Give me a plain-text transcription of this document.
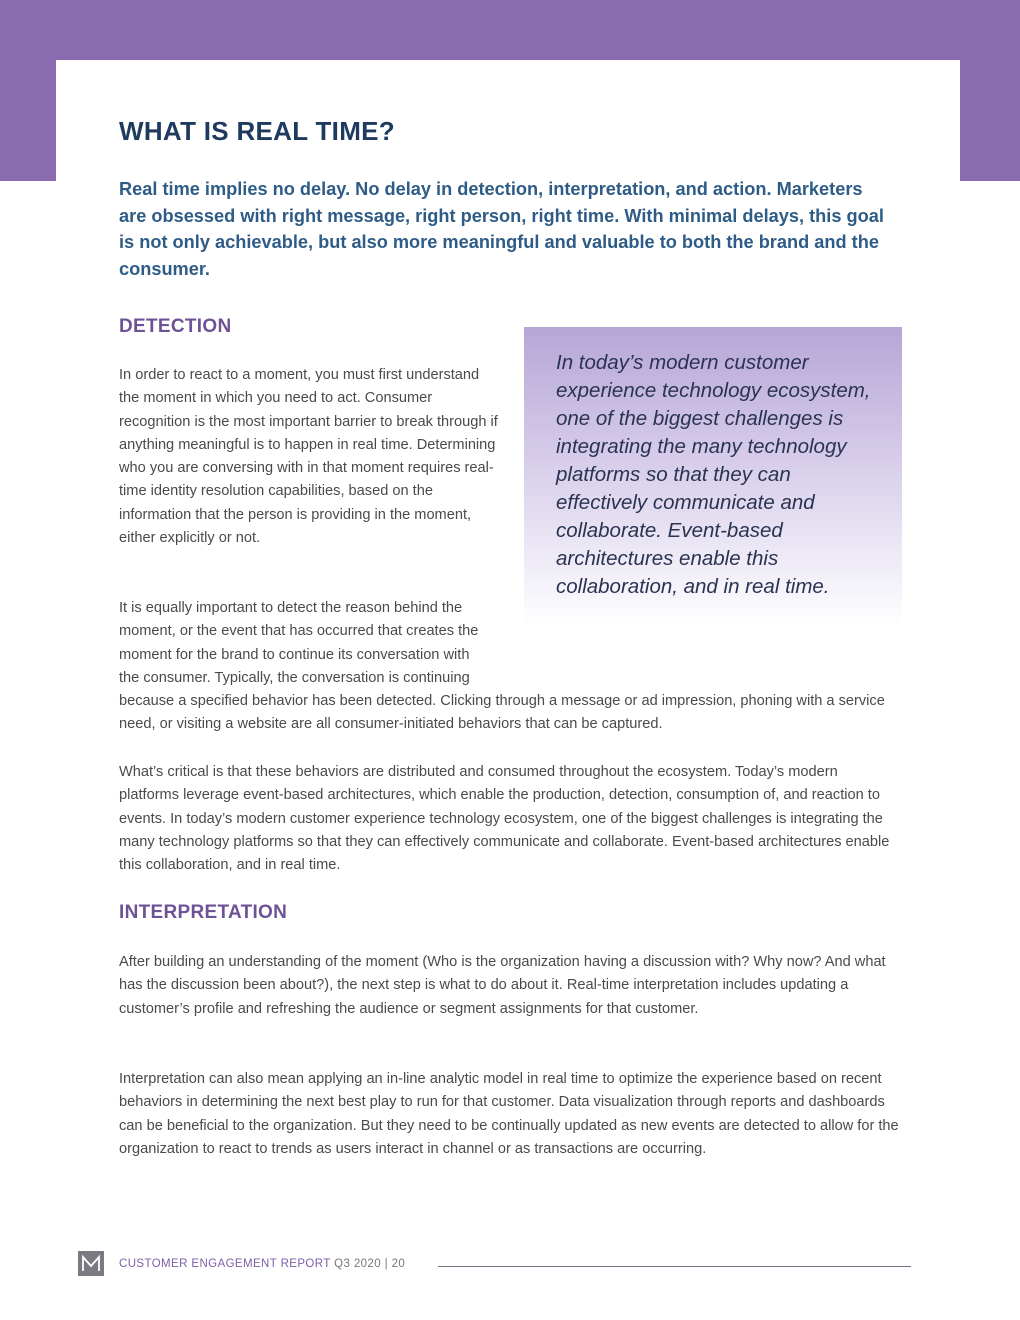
WHAT IS REAL TIME?

Real time implies no delay. No delay in detection, interpretation, and action. Marketers are obsessed with right message, right person, right time. With minimal delays, this goal is not only achievable, but also more meaningful and valuable to both the brand and the consumer.

DETECTION

In order to react to a moment, you must first understand the moment in which you need to act. Consumer recognition is the most important barrier to break through if anything meaningful is to happen in real time. Determining who you are conversing with in that moment requires real-time identity resolution capabilities, based on the information that the person is providing in the moment, either explicitly or not.

It is equally important to detect the reason behind the moment, or the event that has occurred that creates the moment for the brand to continue its conversation with the consumer. Typically, the conversation is continuing because a specified behavior has been detected. Clicking through a message or ad impression, phoning with a service need, or visiting a website are all consumer-initiated behaviors that can be captured.

What’s critical is that these behaviors are distributed and consumed throughout the ecosystem. Today’s modern platforms leverage event-based architectures, which enable the production, detection, consumption of, and reaction to events. In today’s modern customer experience technology ecosystem, one of the biggest challenges is integrating the many technology platforms so that they can effectively communicate and collaborate. Event-based architectures enable this collaboration, and in real time.

In today’s modern customer experience technology ecosystem, one of the biggest challenges is integrating the many technology platforms so that they can effectively communicate and collaborate. Event-based architectures enable this collaboration, and in real time.

INTERPRETATION

After building an understanding of the moment (Who is the organization having a discussion with? Why now? And what has the discussion been about?), the next step is what to do about it. Real-time interpretation includes updating a customer’s profile and refreshing the audience or segment assignments for that customer.

Interpretation can also mean applying an in-line analytic model in real time to optimize the experience based on recent behaviors in determining the next best play to run for that customer. Data visualization through reports and dashboards can be beneficial to the organization. But they need to be continually updated as new events are detected to allow for the organization to react to trends as users interact in channel or as transactions are occurring.

CUSTOMER ENGAGEMENT REPORT Q3 2020 | 20
